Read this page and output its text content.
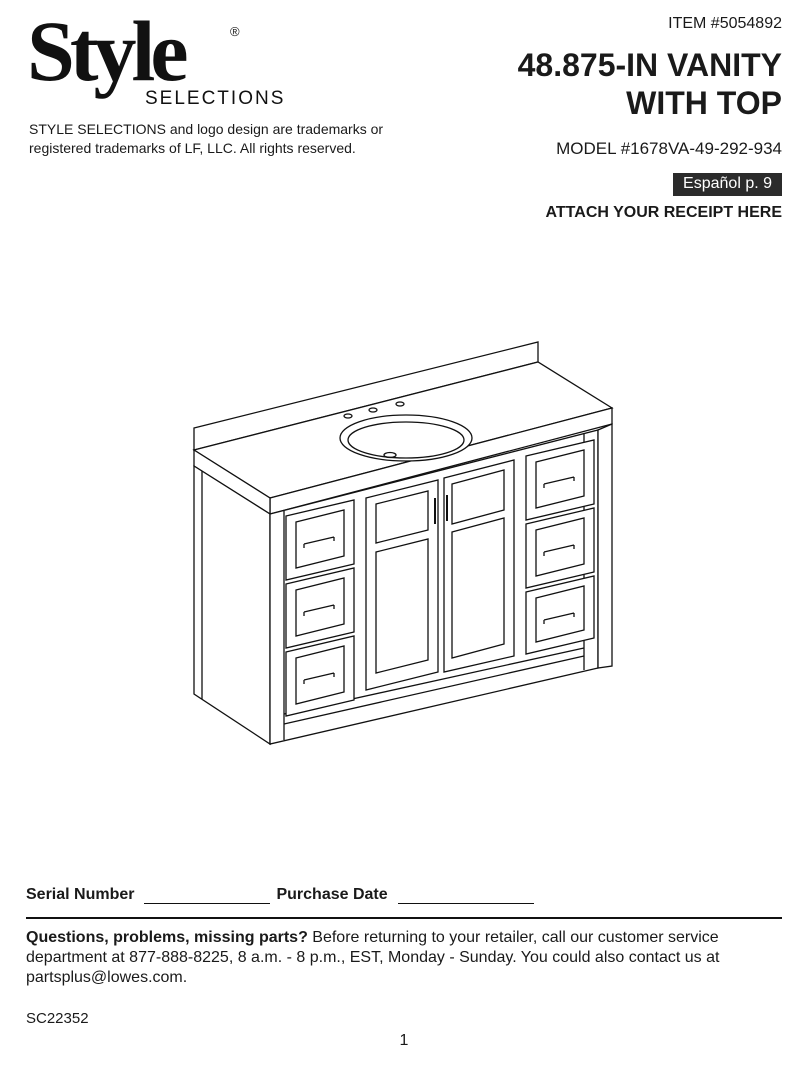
Style	®
SELECTIONS
STYLE SELECTIONS and logo design are trademarks or registered trademarks of LF, LLC. All rights reserved.
ITEM #5054892
48.875-IN VANITY
WITH TOP
MODEL #1678VA-49-292-934
Español p. 9
ATTACH YOUR RECEIPT HERE
Serial Number	Purchase Date
Questions, problems, missing parts? Before returning to your retailer, call our customer service department at 877-888-8225, 8 a.m. - 8 p.m., EST, Monday - Sunday. You could also contact us at partsplus@lowes.com.
SC22352
1
